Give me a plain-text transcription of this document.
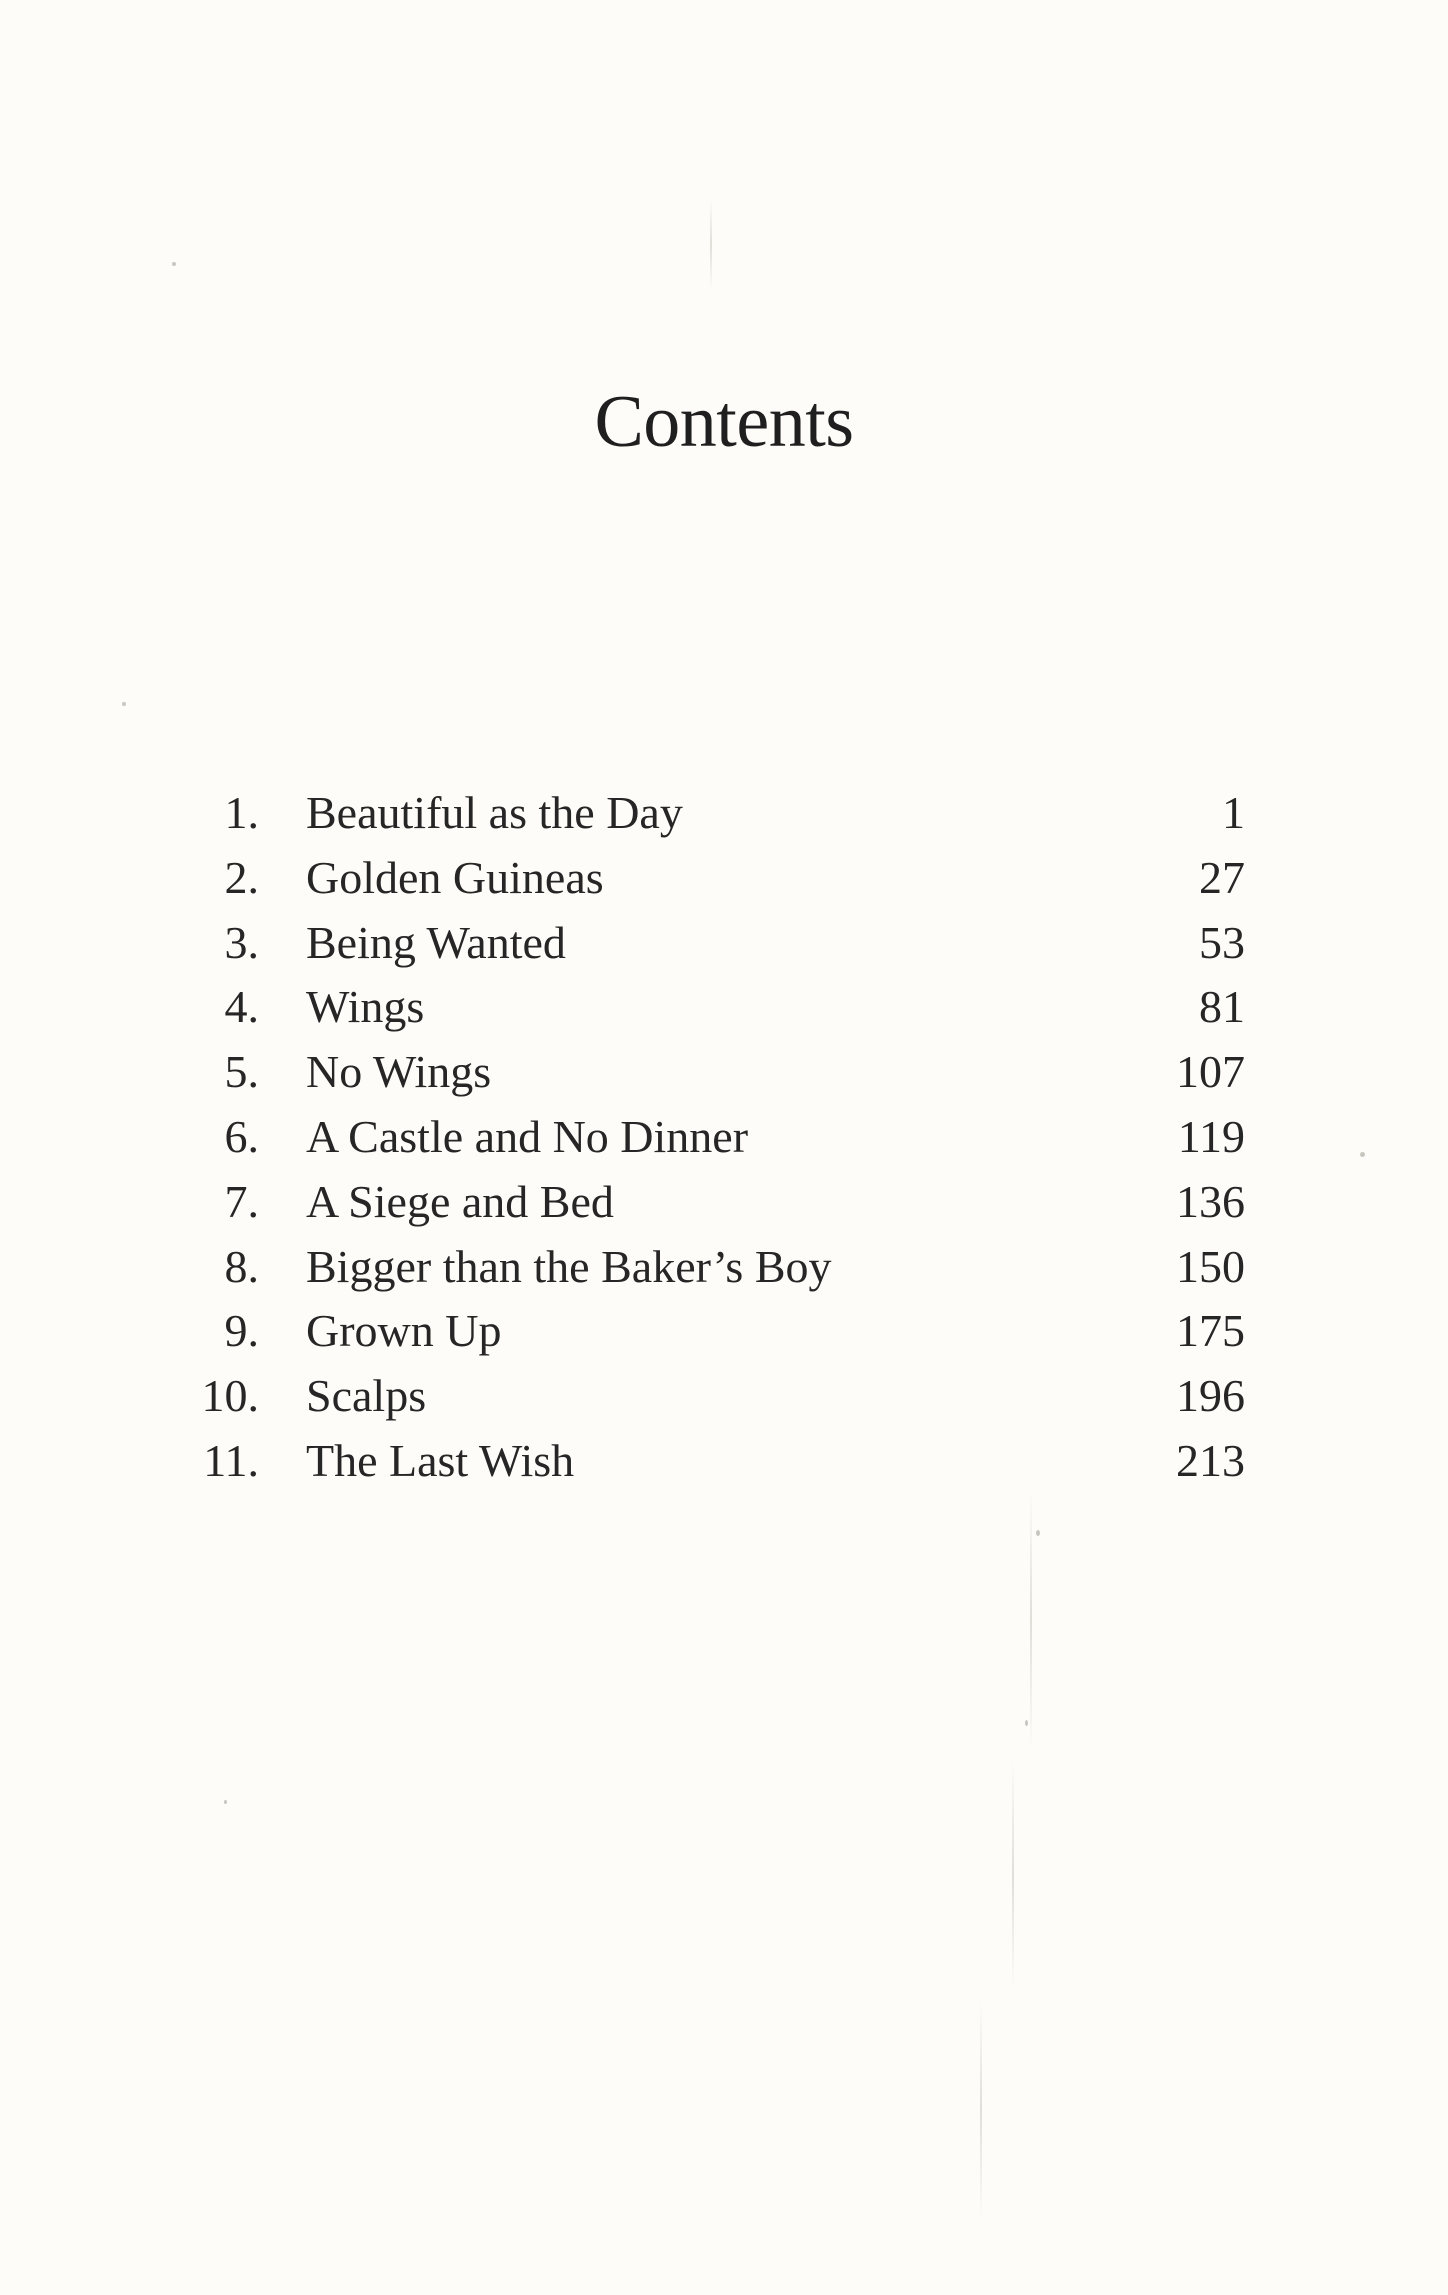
Contents
1. Beautiful as the Day	1
2. Golden Guineas	27
3. Being Wanted	53
4. Wings	81
5. No Wings	107
6. A Castle and No Dinner	119
7. A Siege and Bed	136
8. Bigger than the Baker’s Boy	150
9. Grown Up	175
10. Scalps	196
11. The Last Wish	213
